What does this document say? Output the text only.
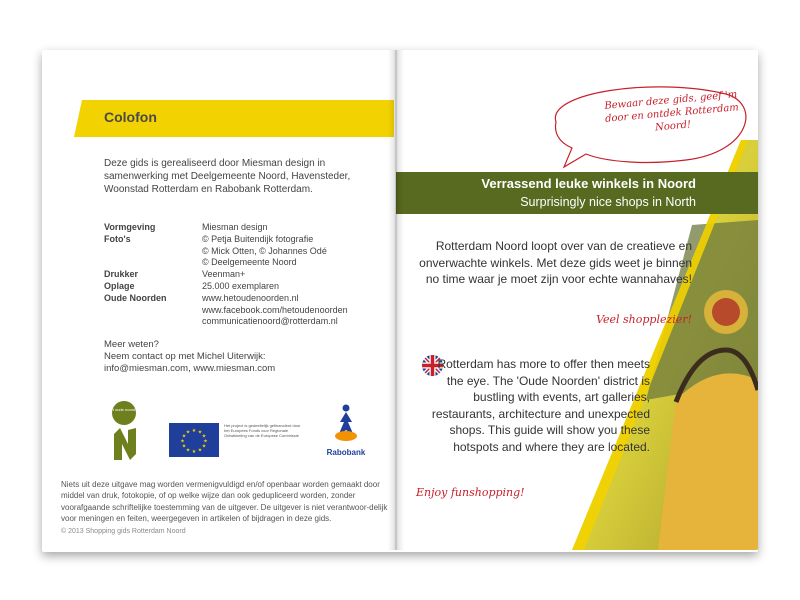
Colofon
Deze gids is gerealiseerd door Miesman design in samenwerking met Deelgemeente Noord, Havensteder, Woonstad Rotterdam en Rabobank Rotterdam.
Vormgeving	Miesman design
Foto's	© Petja Buitendijk fotografie
© Mick Otten, © Johannes Odé
© Deelgemeente Noord
Drukker	Veenman+
Oplage	25.000 exemplaren
Oude Noorden	www.hetoudenoorden.nl
www.facebook.com/hetoudenoorden
communicatienoord@rotterdam.nl
Meer weten?
Neem contact op met Michel Uiterwijk:
info@miesman.com, www.miesman.com
het oude noorden
★ ★
★
★
★
★
★
★
★
★
★
★
Het project is gedeeltelijk gefinancierd door het Europees Fonds voor Regionale Ontwikkeling van de Europese Commissie
Rabobank
Niets uit deze uitgave mag worden vermenigvuldigd en/of openbaar worden gemaakt door middel van druk, fotokopie, of op welke wijze dan ook gedupliceerd worden, zonder voorafgaande schriftelijke toestemming van de uitgever. De uitgever is niet verantwoor-delijk voor meningen en feiten, weergegeven in artikelen of bijdragen in deze gids.
© 2013 Shopping gids Rotterdam Noord
Verrassend leuke winkels in Noord
Surprisingly nice shops in North
Bewaar deze gids, geef 'm door en ontdek Rotterdam Noord!
Rotterdam Noord loopt over van de creatieve en onverwachte winkels. Met deze gids weet je binnen no time waar je moet zijn voor echte wannahaves!
Veel shopplezier!
Rotterdam has more to offer then meets the eye. The 'Oude Noorden' district is bustling with events, art galleries, restaurants, architecture and unexpected shops. This guide will show you these hotspots and where they are located.
Enjoy funshopping!
